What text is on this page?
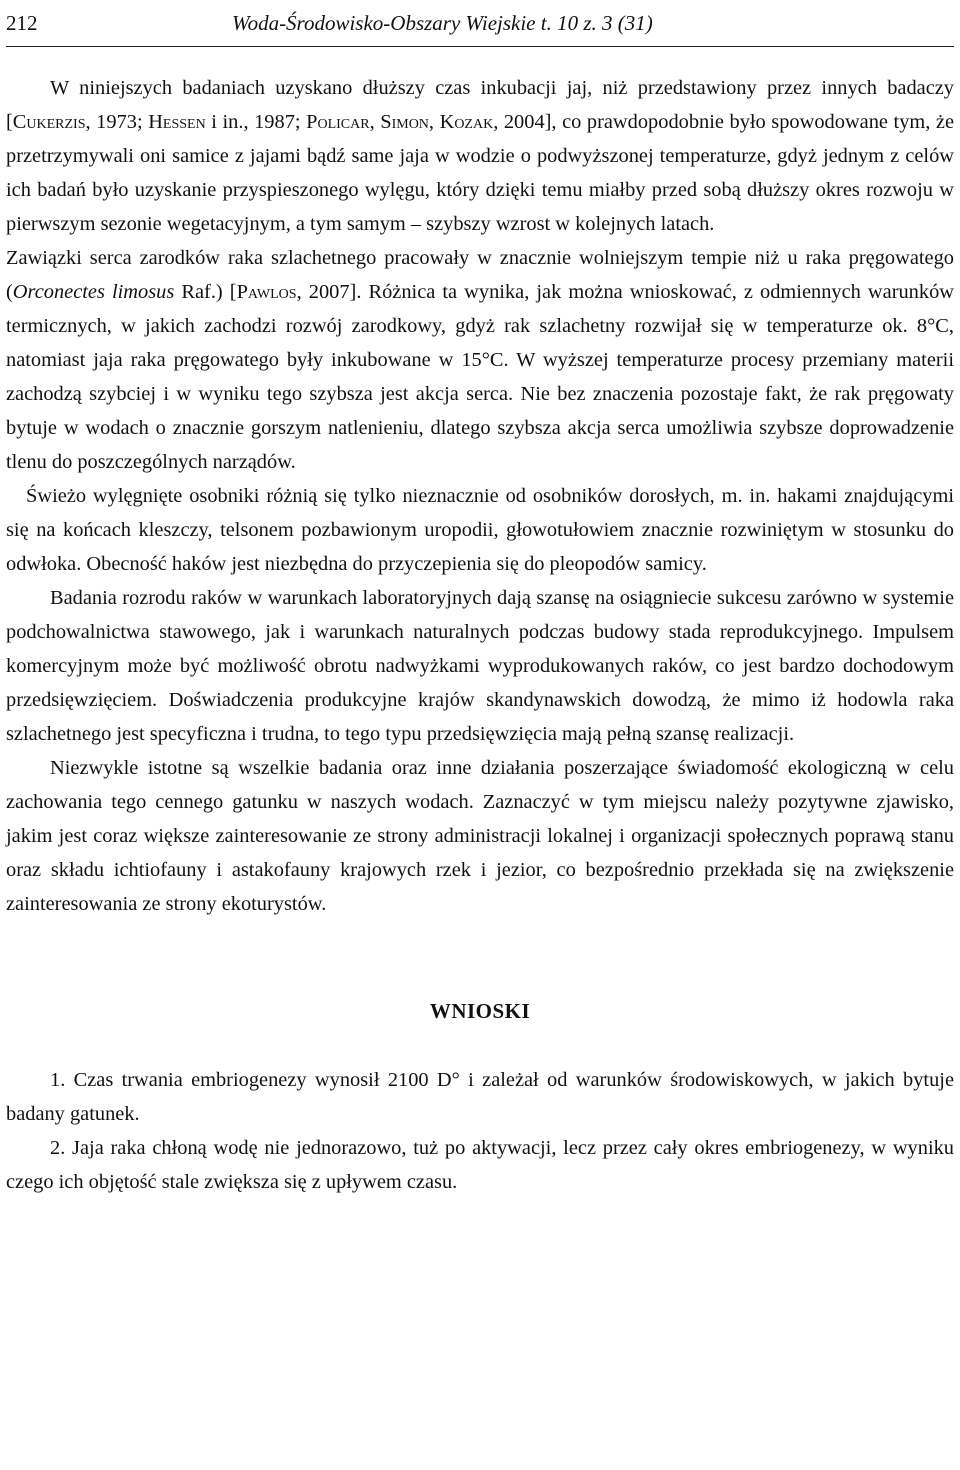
212	Woda-Środowisko-Obszary Wiejskie t. 10 z. 3 (31)

W niniejszych badaniach uzyskano dłuższy czas inkubacji jaj, niż przedstawiony przez innych badaczy [Cukerzis, 1973; Hessen i in., 1987; Policar, Simon, Kozak, 2004], co prawdopodobnie było spowodowane tym, że przetrzymywali oni samice z jajami bądź same jaja w wodzie o podwyższonej temperaturze, gdyż jednym z celów ich badań było uzyskanie przyspieszonego wylęgu, który dzięki temu miałby przed sobą dłuższy okres rozwoju w pierwszym sezonie wegetacyjnym, a tym samym – szybszy wzrost w kolejnych latach.

Zawiązki serca zarodków raka szlachetnego pracowały w znacznie wolniejszym tempie niż u raka pręgowatego (Orconectes limosus Raf.) [Pawlos, 2007]. Różnica ta wynika, jak można wnioskować, z odmiennych warunków termicznych, w jakich zachodzi rozwój zarodkowy, gdyż rak szlachetny rozwijał się w temperaturze ok. 8°C, natomiast jaja raka pręgowatego były inkubowane w 15°C. W wyższej temperaturze procesy przemiany materii zachodzą szybciej i w wyniku tego szybsza jest akcja serca. Nie bez znaczenia pozostaje fakt, że rak pręgowaty bytuje w wodach o znacznie gorszym natlenieniu, dlatego szybsza akcja serca umożliwia szybsze doprowadzenie tlenu do poszczególnych narządów.

Świeżo wylęgnięte osobniki różnią się tylko nieznacznie od osobników dorosłych, m. in. hakami znajdującymi się na końcach kleszczy, telsonem pozbawionym uropodii, głowotułowiem znacznie rozwiniętym w stosunku do odwłoka. Obecność haków jest niezbędna do przyczepienia się do pleopodów samicy.

Badania rozrodu raków w warunkach laboratoryjnych dają szansę na osiągniecie sukcesu zarówno w systemie podchowalnictwa stawowego, jak i warunkach naturalnych podczas budowy stada reprodukcyjnego. Impulsem komercyjnym może być możliwość obrotu nadwyżkami wyprodukowanych raków, co jest bardzo dochodowym przedsięwzięciem. Doświadczenia produkcyjne krajów skandynawskich dowodzą, że mimo iż hodowla raka szlachetnego jest specyficzna i trudna, to tego typu przedsięwzięcia mają pełną szansę realizacji.

Niezwykle istotne są wszelkie badania oraz inne działania poszerzające świadomość ekologiczną w celu zachowania tego cennego gatunku w naszych wodach. Zaznaczyć w tym miejscu należy pozytywne zjawisko, jakim jest coraz większe zainteresowanie ze strony administracji lokalnej i organizacji społecznych poprawą stanu oraz składu ichtiofauny i astakofauny krajowych rzek i jezior, co bezpośrednio przekłada się na zwiększenie zainteresowania ze strony ekoturystów.

WNIOSKI

1. Czas trwania embriogenezy wynosił 2100 D° i zależał od warunków środowiskowych, w jakich bytuje badany gatunek.

2. Jaja raka chłoną wodę nie jednorazowo, tuż po aktywacji, lecz przez cały okres embriogenezy, w wyniku czego ich objętość stale zwiększa się z upływem czasu.
